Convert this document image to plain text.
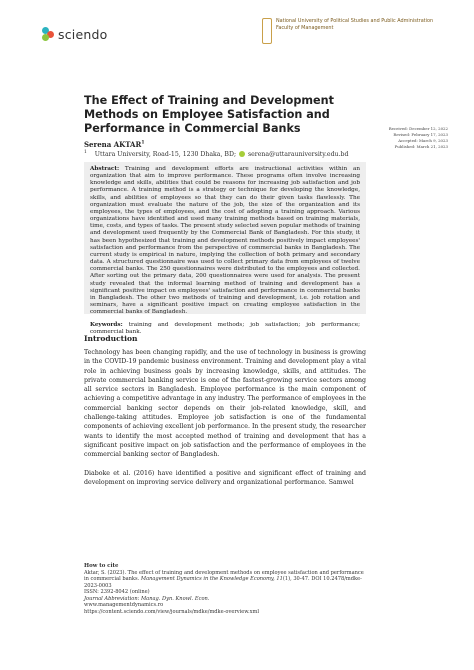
sciendo
National University of Political Studies and Public Administration
Faculty of Management
The Effect of Training and Development Methods on Employee Satisfaction and Performance in Commercial Banks
Serena AKTAR$^1$
$^1$ Uttara University, Road-15, 1230 Dhaka, BD; serena@uttarauniversity.edu.bd
Received: December 12, 2022
Revised: February 17, 2023
Accepted: March 9, 2023
Published: March 21, 2023

Abstract: Training and development efforts are instructional activities within an organization that aim to improve performance. These programs often involve increasing knowledge and skills, abilities that could be reasons for increasing job satisfaction and job performance. A training method is a strategy or technique for developing the knowledge, skills, and abilities of employees so that they can do their given tasks flawlessly. The organization must evaluate the nature of the job, the size of the organization and its employees, the types of employees, and the cost of adopting a training approach. Various organizations have identified and used many training methods based on training materials, time, costs, and types of tasks. The present study selected seven popular methods of training and development used frequently by the Commercial Bank of Bangladesh. For this study, it has been hypothesized that training and development methods positively impact employees' satisfaction and performance from the perspective of commercial banks in Bangladesh. The current study is empirical in nature, implying the collection of both primary and secondary data. A structured questionnaire was used to collect primary data from employees of twelve commercial banks. The 250 questionnaires were distributed to the employees and collected. After sorting out the primary data, 200 questionnaires were used for analysis. The present study revealed that the informal learning method of training and development has a significant positive impact on employees' satisfaction and performance in commercial banks in Bangladesh. The other two methods of training and development, i.e. job rotation and seminars, have a significant positive impact on creating employee satisfaction in the commercial banks of Bangladesh.

Keywords: training and development methods; job satisfaction; job performance; commercial bank.

Introduction

Technology has been changing rapidly, and the use of technology in business is growing in the COVID-19 pandemic business environment. Training and development play a vital role in achieving business goals by increasing knowledge, skills, and attitudes. The private commercial banking service is one of the fastest-growing service sectors among all service sectors in Bangladesh. Employee performance is the main component of achieving a competitive advantage in any industry. The performance of employees in the commercial banking sector depends on their job-related knowledge, skill, and challenge-taking attitudes. Employee job satisfaction is one of the fundamental components of achieving excellent job performance. In the present study, the researcher wants to identify the most accepted method of training and development that has a significant positive impact on job satisfaction and the performance of employees in the commercial banking sector of Bangladesh.

Diaboke et al. (2016) have identified a positive and significant effect of training and development on improving service delivery and organizational performance. Samwel

How to cite
Aktar, S. (2023). The effect of training and development methods on employee satisfaction and performance in commercial banks. Management Dynamics in the Knowledge Economy, 11(1), 30-47. DOI 10.2478/mdke-2023-0003
ISSN: 2392-8042 (online)
Journal Abbreviation: Manag. Dyn. Knowl. Econ.
www.managementdynamics.ro
https://content.sciendo.com/view/journals/mdke/mdke-overview.xml
